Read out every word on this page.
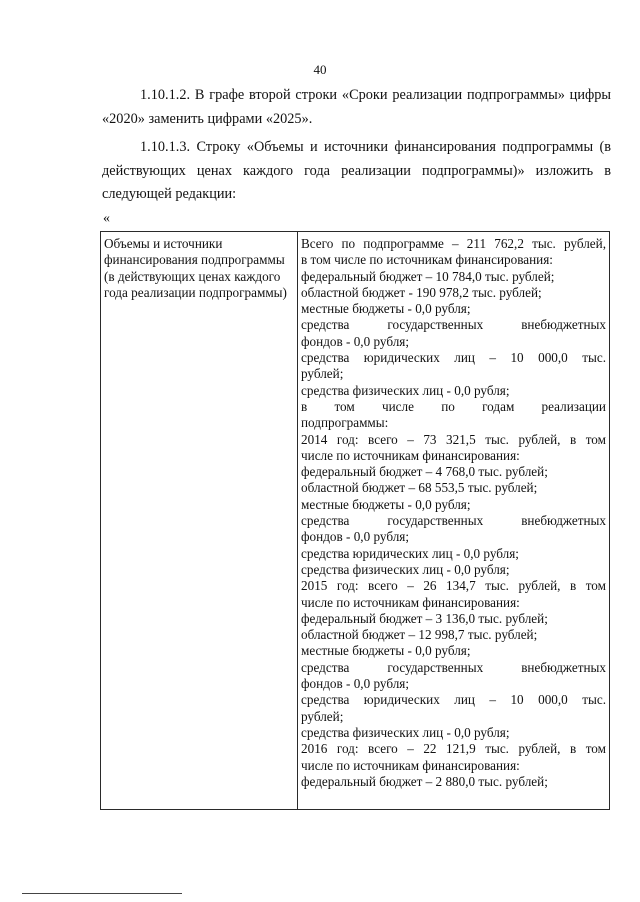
40

1.10.1.2. В графе второй строки «Сроки реализации подпрограммы» цифры «2020» заменить цифрами «2025».

1.10.1.3. Строку «Объемы и источники финансирования подпрограммы (в действующих ценах каждого года реализации подпрограммы)» изложить в следующей редакции:

«
Объемы и источники финансирования подпрограммы (в действующих ценах каждого года реализации подпрограммы)

Всего по подпрограмме – 211 762,2 тыс. рублей,
в том числе по источникам финансирования:
федеральный бюджет – 10 784,0 тыс. рублей;
областной бюджет - 190 978,2 тыс. рублей;
местные бюджеты - 0,0 рубля;
средства государственных внебюджетных
фондов - 0,0 рубля;
средства юридических лиц – 10 000,0 тыс.
рублей;
средства физических лиц - 0,0 рубля;
в том числе по годам реализации
подпрограммы:
2014 год: всего – 73 321,5 тыс. рублей, в том
числе по источникам финансирования:
федеральный бюджет – 4 768,0 тыс. рублей;
областной бюджет – 68 553,5 тыс. рублей;
местные бюджеты - 0,0 рубля;
средства государственных внебюджетных
фондов - 0,0 рубля;
средства юридических лиц - 0,0 рубля;
средства физических лиц - 0,0 рубля;
2015 год: всего – 26 134,7 тыс. рублей, в том
числе по источникам финансирования:
федеральный бюджет – 3 136,0 тыс. рублей;
областной бюджет – 12 998,7 тыс. рублей;
местные бюджеты - 0,0 рубля;
средства государственных внебюджетных
фондов - 0,0 рубля;
средства юридических лиц – 10 000,0 тыс.
рублей;
средства физических лиц - 0,0 рубля;
2016 год: всего – 22 121,9 тыс. рублей, в том
числе по источникам финансирования:
федеральный бюджет – 2 880,0 тыс. рублей;
